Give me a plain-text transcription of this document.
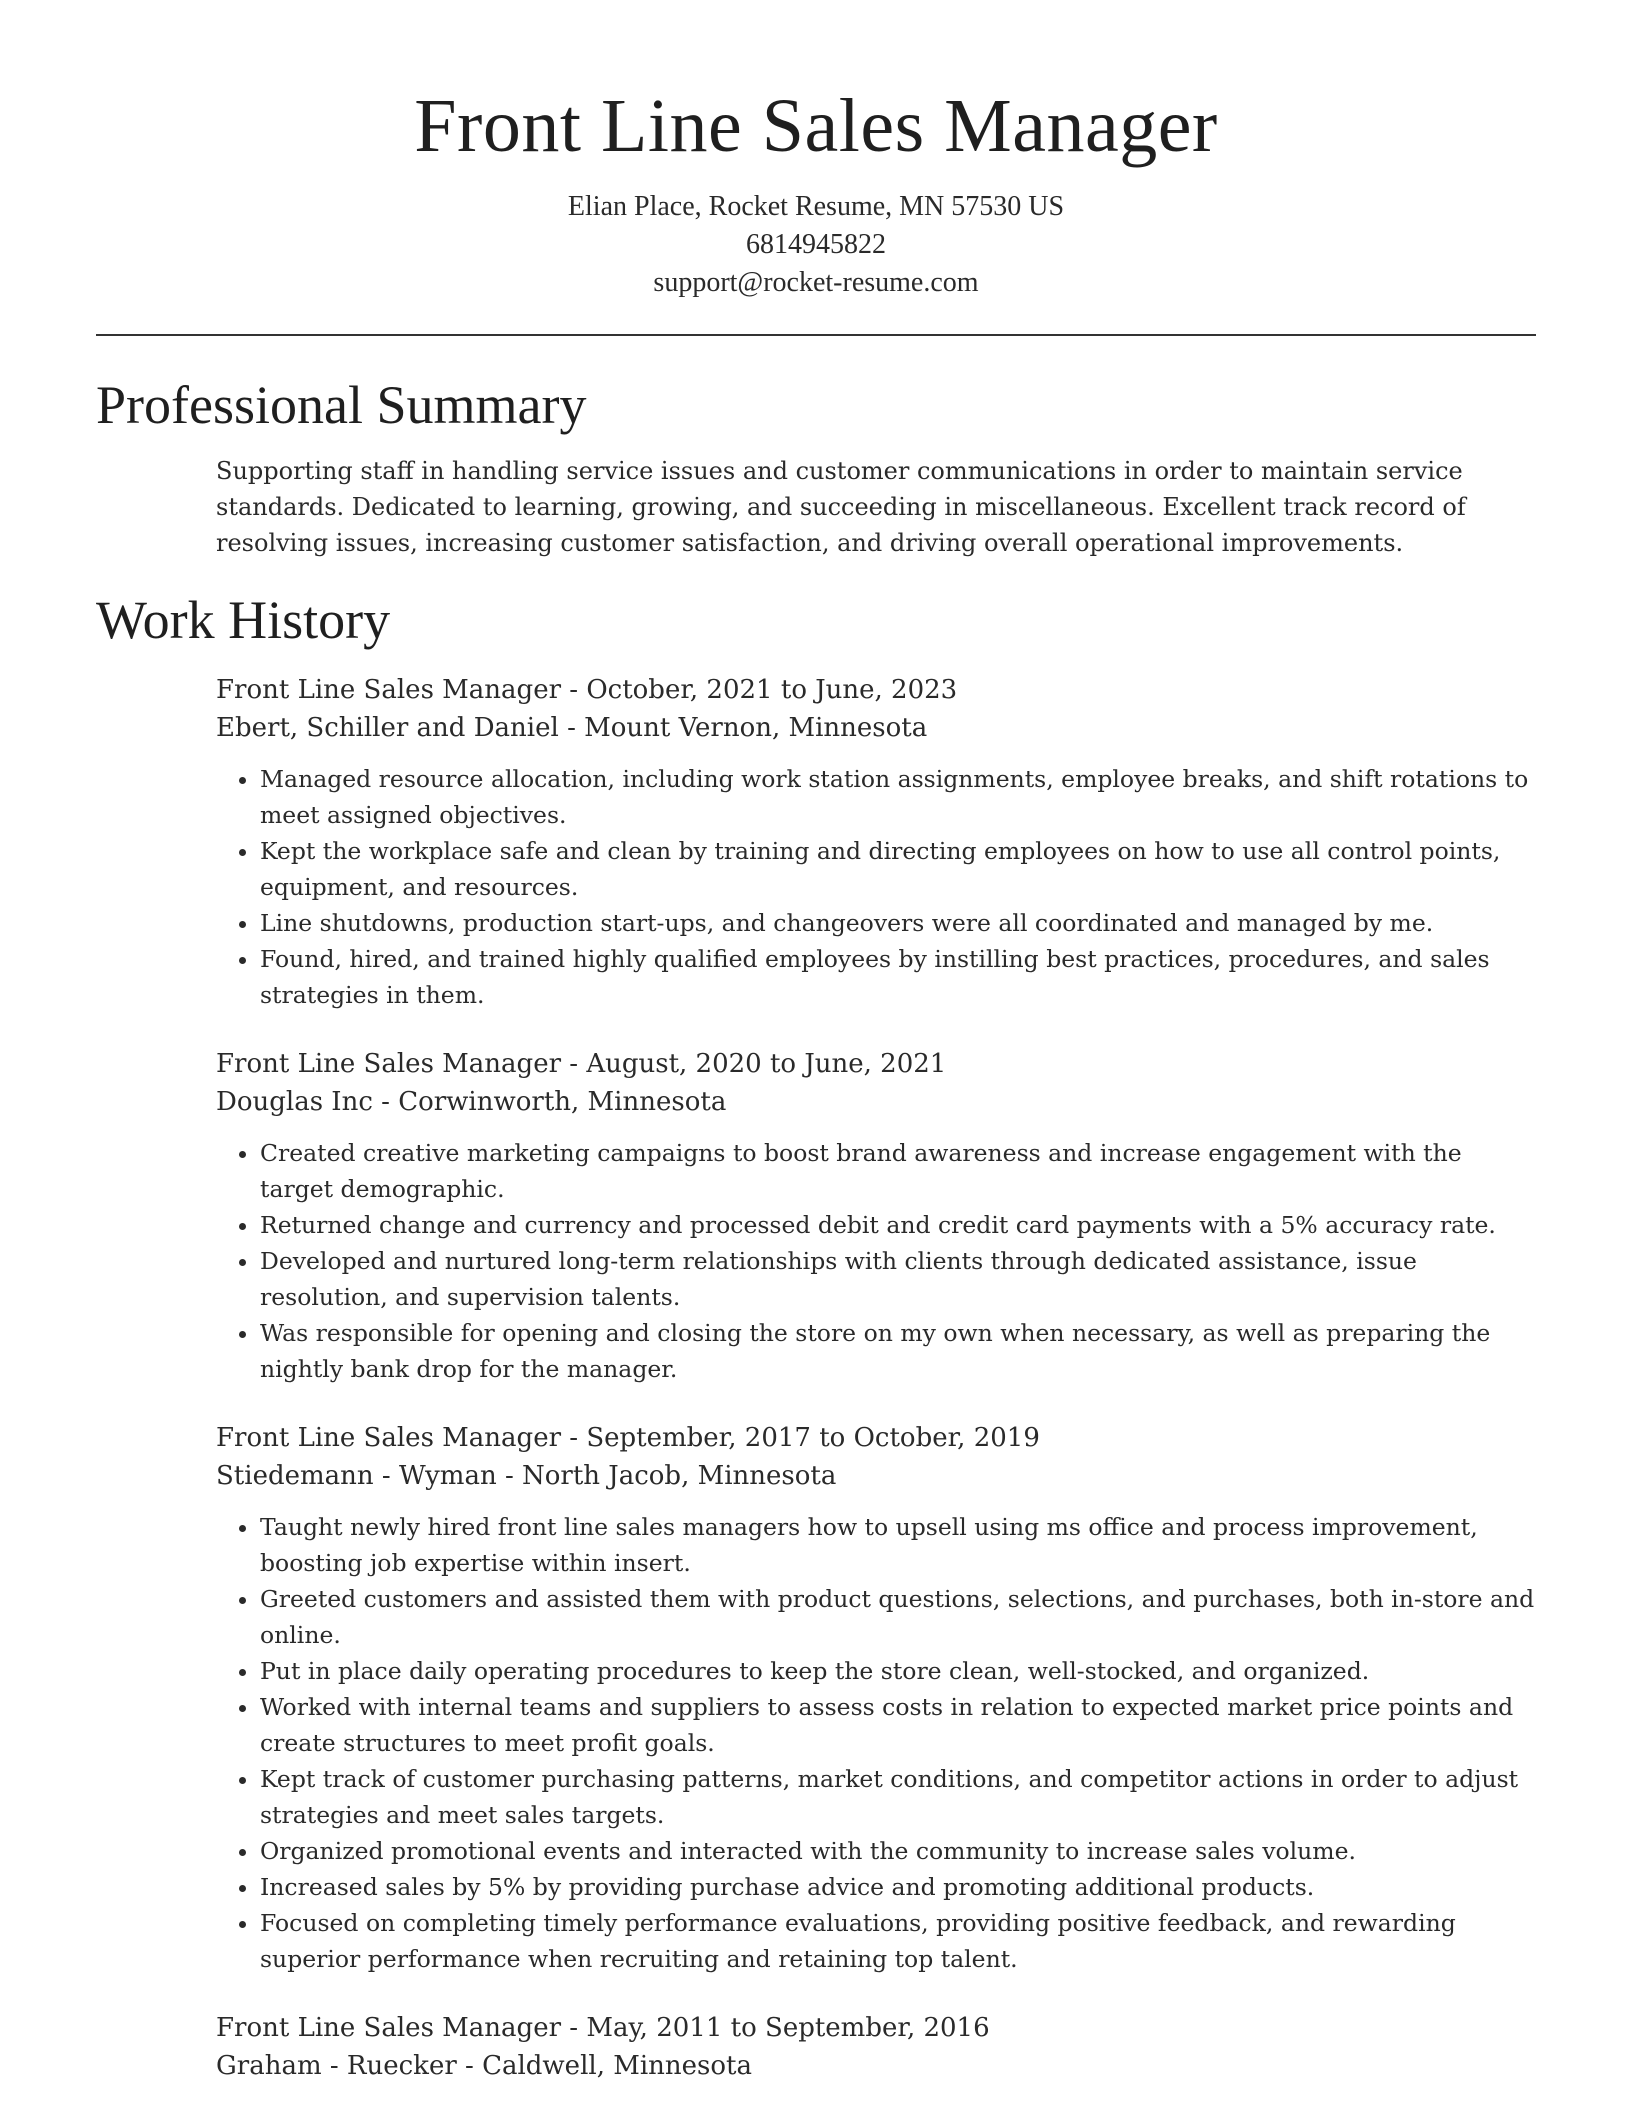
Front Line Sales Manager
Elian Place, Rocket Resume, MN 57530 US
6814945822
support@rocket-resume.com
Professional Summary

Supporting staff in handling service issues and customer communications in order to maintain service standards. Dedicated to learning, growing, and succeeding in miscellaneous. Excellent track record of resolving issues, increasing customer satisfaction, and driving overall operational improvements.

Work History
Front Line Sales Manager - October, 2021 to June, 2023
Ebert, Schiller and Daniel - Mount Vernon, Minnesota
• Managed resource allocation, including work station assignments, employee breaks, and shift rotations to meet assigned objectives.
• Kept the workplace safe and clean by training and directing employees on how to use all control points, equipment, and resources.
• Line shutdowns, production start-ups, and changeovers were all coordinated and managed by me.
• Found, hired, and trained highly qualified employees by instilling best practices, procedures, and sales strategies in them.
Front Line Sales Manager - August, 2020 to June, 2021
Douglas Inc - Corwinworth, Minnesota
• Created creative marketing campaigns to boost brand awareness and increase engagement with the target demographic.
• Returned change and currency and processed debit and credit card payments with a 5% accuracy rate.
• Developed and nurtured long-term relationships with clients through dedicated assistance, issue resolution, and supervision talents.
• Was responsible for opening and closing the store on my own when necessary, as well as preparing the nightly bank drop for the manager.
Front Line Sales Manager - September, 2017 to October, 2019
Stiedemann - Wyman - North Jacob, Minnesota
• Taught newly hired front line sales managers how to upsell using ms office and process improvement, boosting job expertise within insert.
• Greeted customers and assisted them with product questions, selections, and purchases, both in-store and online.
• Put in place daily operating procedures to keep the store clean, well-stocked, and organized.
• Worked with internal teams and suppliers to assess costs in relation to expected market price points and create structures to meet profit goals.
• Kept track of customer purchasing patterns, market conditions, and competitor actions in order to adjust strategies and meet sales targets.
• Organized promotional events and interacted with the community to increase sales volume.
• Increased sales by 5% by providing purchase advice and promoting additional products.
• Focused on completing timely performance evaluations, providing positive feedback, and rewarding superior performance when recruiting and retaining top talent.
Front Line Sales Manager - May, 2011 to September, 2016
Graham - Ruecker - Caldwell, Minnesota
